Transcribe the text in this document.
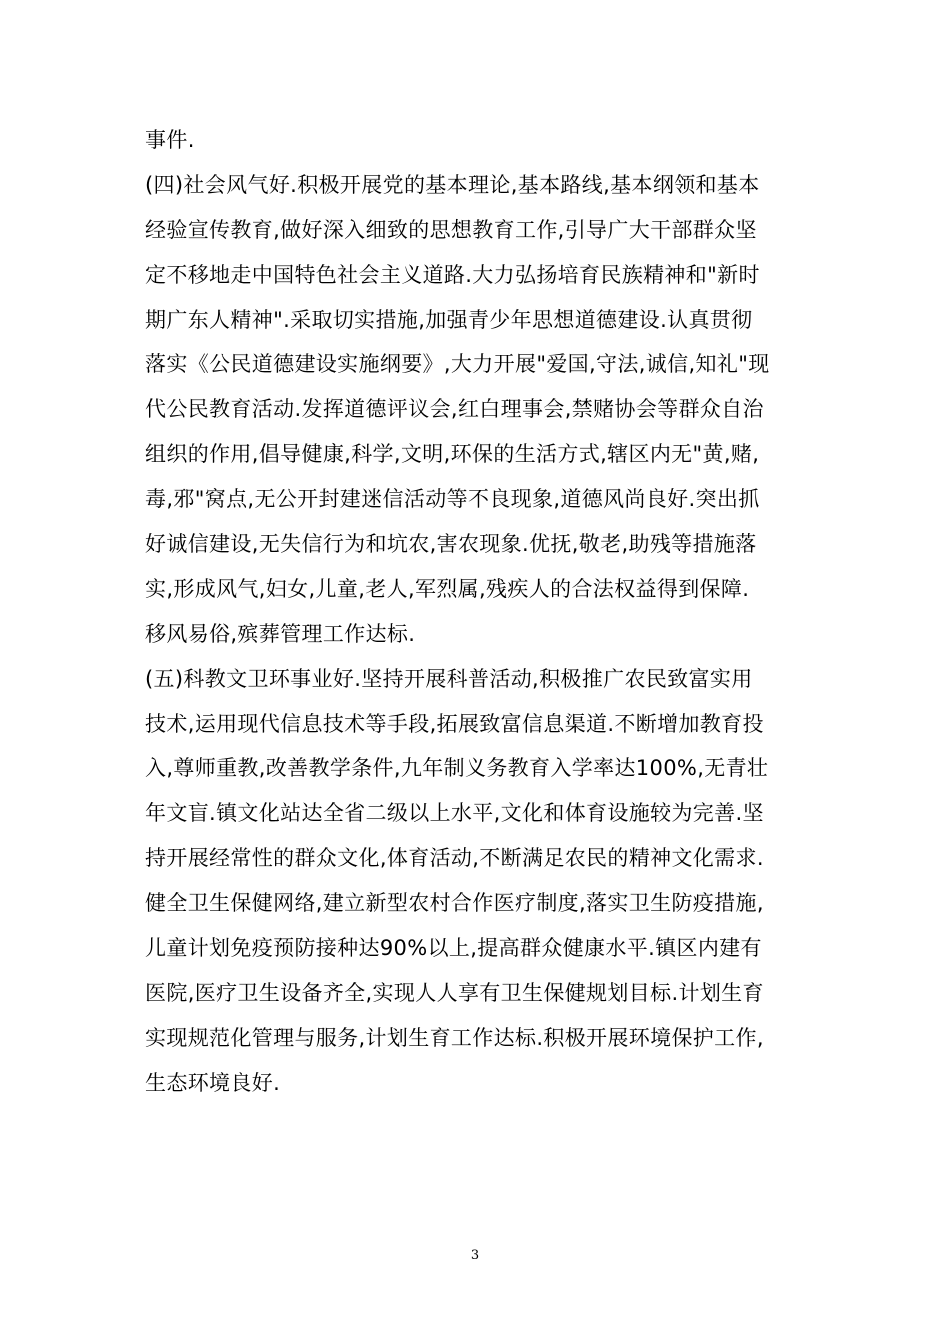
事件.
(四)社会风气好.积极开展党的基本理论,基本路线,基本纲领和基本
经验宣传教育,做好深入细致的思想教育工作,引导广大干部群众坚
定不移地走中国特色社会主义道路.大力弘扬培育民族精神和"新时
期广东人精神".采取切实措施,加强青少年思想道德建设.认真贯彻
落实《公民道德建设实施纲要》,大力开展"爱国,守法,诚信,知礼"现
代公民教育活动.发挥道德评议会,红白理事会,禁赌协会等群众自治
组织的作用,倡导健康,科学,文明,环保的生活方式,辖区内无"黄,赌,
毒,邪"窝点,无公开封建迷信活动等不良现象,道德风尚良好.突出抓
好诚信建设,无失信行为和坑农,害农现象.优抚,敬老,助残等措施落
实,形成风气,妇女,儿童,老人,军烈属,残疾人的合法权益得到保障.
移风易俗,殡葬管理工作达标.
(五)科教文卫环事业好.坚持开展科普活动,积极推广农民致富实用
技术,运用现代信息技术等手段,拓展致富信息渠道.不断增加教育投
入,尊师重教,改善教学条件,九年制义务教育入学率达100%,无青壮
年文盲.镇文化站达全省二级以上水平,文化和体育设施较为完善.坚
持开展经常性的群众文化,体育活动,不断满足农民的精神文化需求.
健全卫生保健网络,建立新型农村合作医疗制度,落实卫生防疫措施,
儿童计划免疫预防接种达90%以上,提高群众健康水平.镇区内建有
医院,医疗卫生设备齐全,实现人人享有卫生保健规划目标.计划生育
实现规范化管理与服务,计划生育工作达标.积极开展环境保护工作,
生态环境良好.
3
